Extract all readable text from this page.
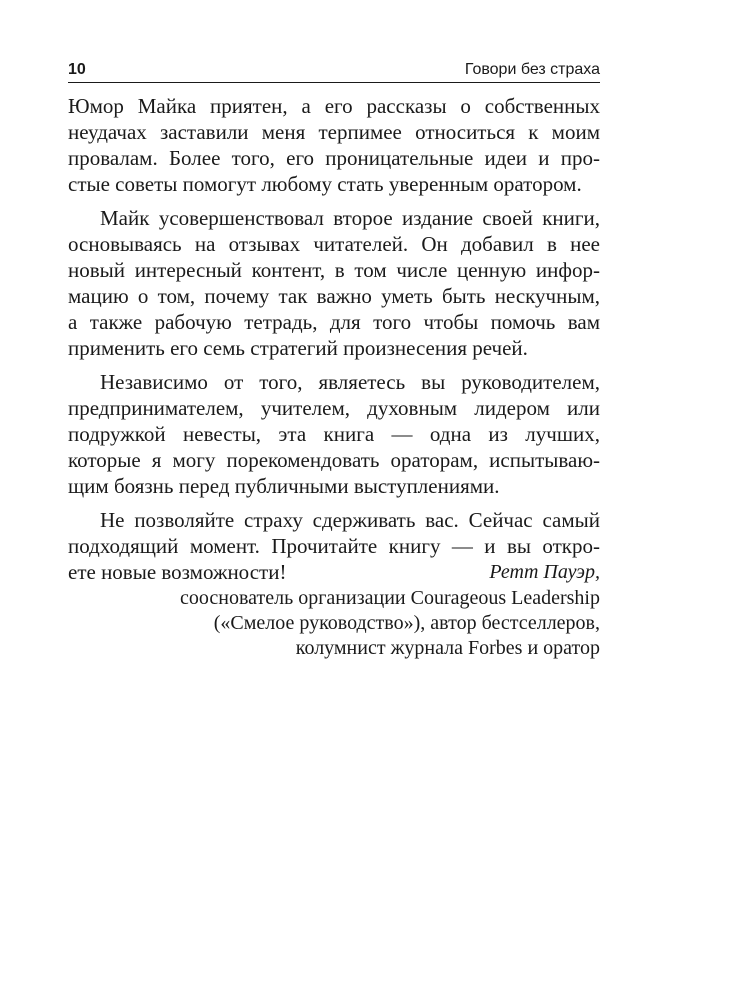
10	Говори без страха
Юмор Майка приятен, а его рассказы о собственных
неудачах заставили меня терпимее относиться к моим
провалам. Более того, его проницательные идеи и про-
стые советы помогут любому стать уверенным оратором.
Майк усовершенствовал второе издание своей книги,
основываясь на отзывах читателей. Он добавил в нее
новый интересный контент, в том числе ценную инфор-
мацию о том, почему так важно уметь быть нескучным,
а также рабочую тетрадь, для того чтобы помочь вам
применить его семь стратегий произнесения речей.
Независимо от того, являетесь вы руководителем,
предпринимателем, учителем, духовным лидером или
подружкой невесты, эта книга — одна из лучших,
которые я могу порекомендовать ораторам, испытываю-
щим боязнь перед публичными выступлениями.
Не позволяйте страху сдерживать вас. Сейчас самый
подходящий момент. Прочитайте книгу — и вы откро-
ете новые возможности!	Ретт Пауэр,
сооснователь организации Courageous Leadership
(«Смелое руководство»), автор бестселлеров,
колумнист журнала Forbes и оратор
